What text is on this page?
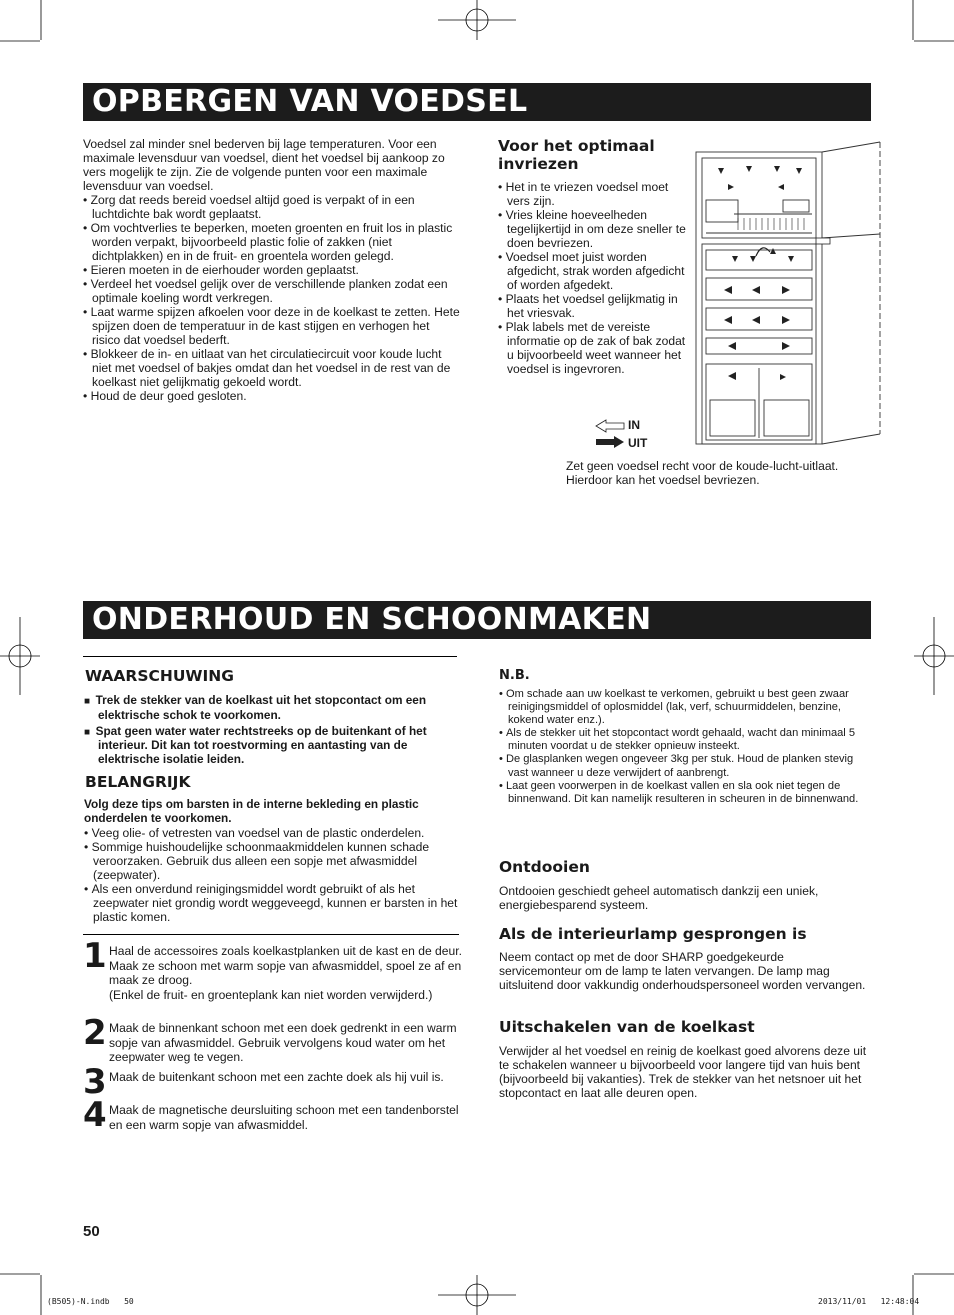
OPBERGEN VAN VOEDSEL

Voedsel zal minder snel bederven bij lage temperaturen. Voor een maximale levensduur van voedsel, dient het voedsel bij aankoop zo vers mogelijk te zijn. Zie de volgende punten voor een maximale levensduur van voedsel.

• Zorg dat reeds bereid voedsel altijd goed is verpakt of in een luchtdichte bak wordt geplaatst.
• Om vochtverlies te beperken, moeten groenten en fruit los in plastic worden verpakt, bijvoorbeeld plastic folie of zakken (niet dichtplakken) en in de fruit- en groentela worden gelegd.
• Eieren moeten in de eierhouder worden geplaatst.
• Verdeel het voedsel gelijk over de verschillende planken zodat een optimale koeling wordt verkregen.
• Laat warme spijzen afkoelen voor deze in de koelkast te zetten. Hete spijzen doen de temperatuur in de kast stijgen en verhogen het risico dat voedsel bederft.
• Blokkeer de in- en uitlaat van het circulatiecircuit voor koude lucht niet met voedsel of bakjes omdat dan het voedsel in de rest van de koelkast niet gelijkmatig gekoeld wordt.
• Houd de deur goed gesloten.
Voor het optimaal invriezen
• Het in te vriezen voedsel moet vers zijn.
• Vries kleine hoeveelheden tegelijkertijd in om deze sneller te doen bevriezen.
• Voedsel moet juist worden afgedicht, strak worden afgedicht of worden afgedekt.
• Plaats het voedsel gelijkmatig in het vriesvak.
• Plak labels met de vereiste informatie op de zak of bak zodat u bijvoorbeeld weet wanneer het voedsel is ingevroren.
IN
UIT
Zet geen voedsel recht voor de koude-lucht-uitlaat. Hierdoor kan het voedsel bevriezen.
ONDERHOUD EN SCHOONMAKEN
WAARSCHUWING
■  Trek de stekker van de koelkast uit het stopcontact om een elektrische schok te voorkomen.
■  Spat geen water water rechtstreeks op de buitenkant of het interieur. Dit kan tot roestvorming en aantasting van de elektrische isolatie leiden.
BELANGRIJK

Volg deze tips om barsten in de interne bekleding en plastic onderdelen te voorkomen.

• Veeg olie- of vetresten van voedsel van de plastic onderdelen.
• Sommige huishoudelijke schoonmaakmiddelen kunnen schade veroorzaken. Gebruik dus alleen een sopje met afwasmiddel (zeepwater).
• Als een onverdund reinigingsmiddel wordt gebruikt of als het zeepwater niet grondig wordt weggeveegd, kunnen er barsten in het plastic komen.
1 Haal de accessoires zoals koelkastplanken uit de kast en de deur. Maak ze schoon met warm sopje van afwasmiddel, spoel ze af en maak ze droog.
(Enkel de fruit- en groenteplank kan niet worden verwijderd.)
2 Maak de binnenkant schoon met een doek gedrenkt in een warm sopje van afwasmiddel. Gebruik vervolgens koud water om het zeepwater weg te vegen.
3 Maak de buitenkant schoon met een zachte doek als hij vuil is.
4 Maak de magnetische deursluiting schoon met een tandenborstel en een warm sopje van afwasmiddel.
N.B.
• Om schade aan uw koelkast te verkomen, gebruikt u best geen zwaar reinigingsmiddel of oplosmiddel (lak, verf, schuurmiddelen, benzine, kokend water enz.).
• Als de stekker uit het stopcontact wordt gehaald, wacht dan minimaal 5 minuten voordat u de stekker opnieuw insteekt.
• De glasplanken wegen ongeveer 3kg per stuk. Houd de planken stevig vast wanneer u deze verwijdert of aanbrengt.
• Laat geen voorwerpen in de koelkast vallen en sla ook niet tegen de binnenwand. Dit kan namelijk resulteren in scheuren in de binnenwand.
Ontdooien
Ontdooien geschiedt geheel automatisch dankzij een uniek, energiebesparend systeem.
Als de interieurlamp gesprongen is
Neem contact op met de door SHARP goedgekeurde servicemonteur om de lamp te laten vervangen. De lamp mag uitsluitend door vakkundig onderhoudspersoneel worden vervangen.
Uitschakelen van de koelkast
Verwijder al het voedsel en reinig de koelkast goed alvorens deze uit te schakelen wanneer u bijvoorbeeld voor langere tijd van huis bent (bijvoorbeeld bij vakanties). Trek de stekker van het netsnoer uit het stopcontact en laat alle deuren open.
50
(B505)-N.indb   50	2013/11/01   12:48:04
